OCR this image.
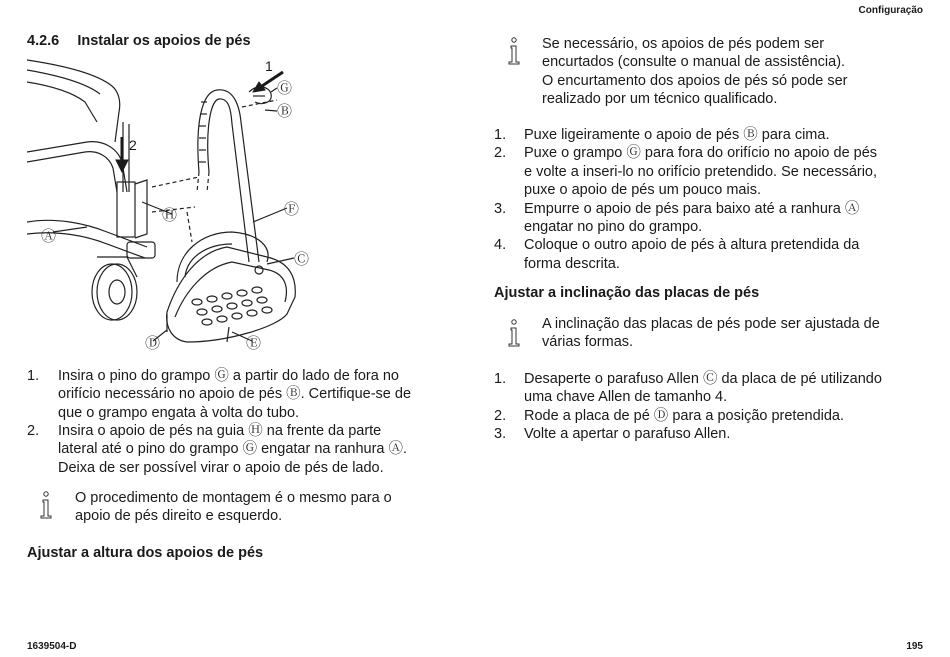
Configuração
4.2.6 Instalar os apoios de pés
1
2
Ⓖ
Ⓑ
Ⓕ
Ⓗ
Ⓒ
Ⓐ
Ⓓ	Ⓔ
1. Insira o pino do grampo Ⓖ a partir do lado de fora no
orifício necessário no apoio de pés Ⓑ. Certifique-se de
que o grampo engata à volta do tubo.
2. Insira o apoio de pés na guia Ⓗ na frente da parte
lateral até o pino do grampo Ⓖ engatar na ranhura Ⓐ.
Deixa de ser possível virar o apoio de pés de lado.
O procedimento de montagem é o mesmo para o
apoio de pés direito e esquerdo.
Ajustar a altura dos apoios de pés
Se necessário, os apoios de pés podem ser
encurtados (consulte o manual de assistência).
O encurtamento dos apoios de pés só pode ser
realizado por um técnico qualificado.
1. Puxe ligeiramente o apoio de pés Ⓑ para cima.
2. Puxe o grampo Ⓖ para fora do orifício no apoio de pés
e volte a inseri-lo no orifício pretendido. Se necessário,
puxe o apoio de pés um pouco mais.
3. Empurre o apoio de pés para baixo até a ranhura Ⓐ
engatar no pino do grampo.
4. Coloque o outro apoio de pés à altura pretendida da
forma descrita.
Ajustar a inclinação das placas de pés
A inclinação das placas de pés pode ser ajustada de
várias formas.
1. Desaperte o parafuso Allen Ⓒ da placa de pé utilizando
uma chave Allen de tamanho 4.
2. Rode a placa de pé Ⓓ para a posição pretendida.
3. Volte a apertar o parafuso Allen.
1639504-D	195
